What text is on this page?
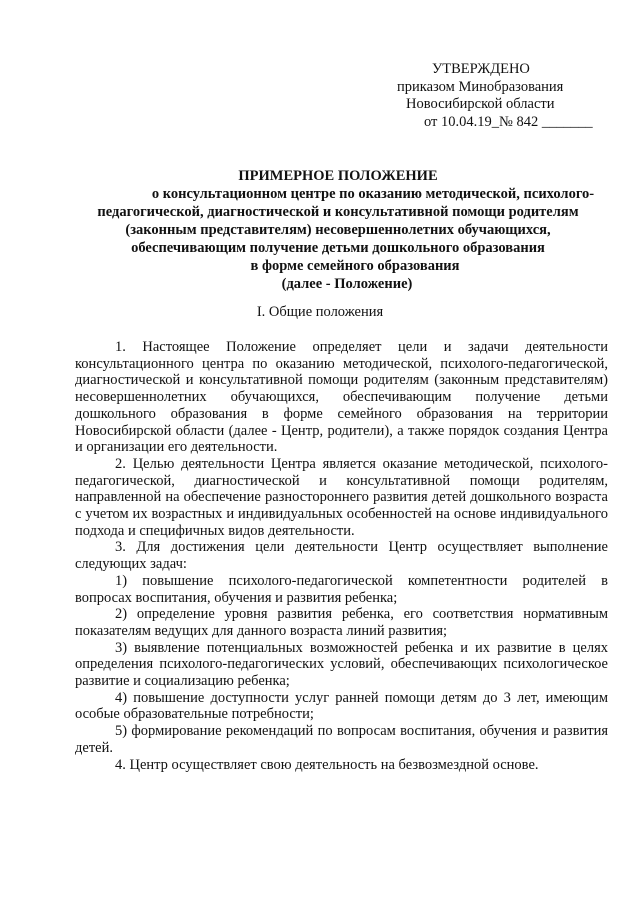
УТВЕРЖДЕНО
приказом Минобразования
Новосибирской области
от 10.04.19_№ 842 _______
ПРИМЕРНОЕ ПОЛОЖЕНИЕ
о консультационном центре по оказанию методической, психолого-
педагогической, диагностической и консультативной помощи родителям
(законным представителям) несовершеннолетних обучающихся,
обеспечивающим получение детьми дошкольного образования
в форме семейного образования
(далее - Положение)
I. Общие положения

1. Настоящее Положение определяет цели и задачи деятельности консультационного центра по оказанию методической, психолого-педагогической, диагностической и консультативной помощи родителям (законным представителям) несовершеннолетних обучающихся, обеспечивающим получение детьми дошкольного образования в форме семейного образования на территории Новосибирской области (далее - Центр, родители), а также порядок создания Центра и организации его деятельности.

2. Целью деятельности Центра является оказание методической, психолого-педагогической, диагностической и консультативной помощи родителям, направленной на обеспечение разностороннего развития детей дошкольного возраста с учетом их возрастных и индивидуальных особенностей на основе индивидуального подхода и специфичных видов деятельности.

3. Для достижения цели деятельности Центр осуществляет выполнение следующих задач:

1) повышение психолого-педагогической компетентности родителей в вопросах воспитания, обучения и развития ребенка;

2) определение уровня развития ребенка, его соответствия нормативным показателям ведущих для данного возраста линий развития;

3) выявление потенциальных возможностей ребенка и их развитие в целях определения психолого-педагогических условий, обеспечивающих психологическое развитие и социализацию ребенка;

4) повышение доступности услуг ранней помощи детям до 3 лет, имеющим особые образовательные потребности;

5) формирование рекомендаций по вопросам воспитания, обучения и развития детей.

4. Центр осуществляет свою деятельность на безвозмездной основе.
